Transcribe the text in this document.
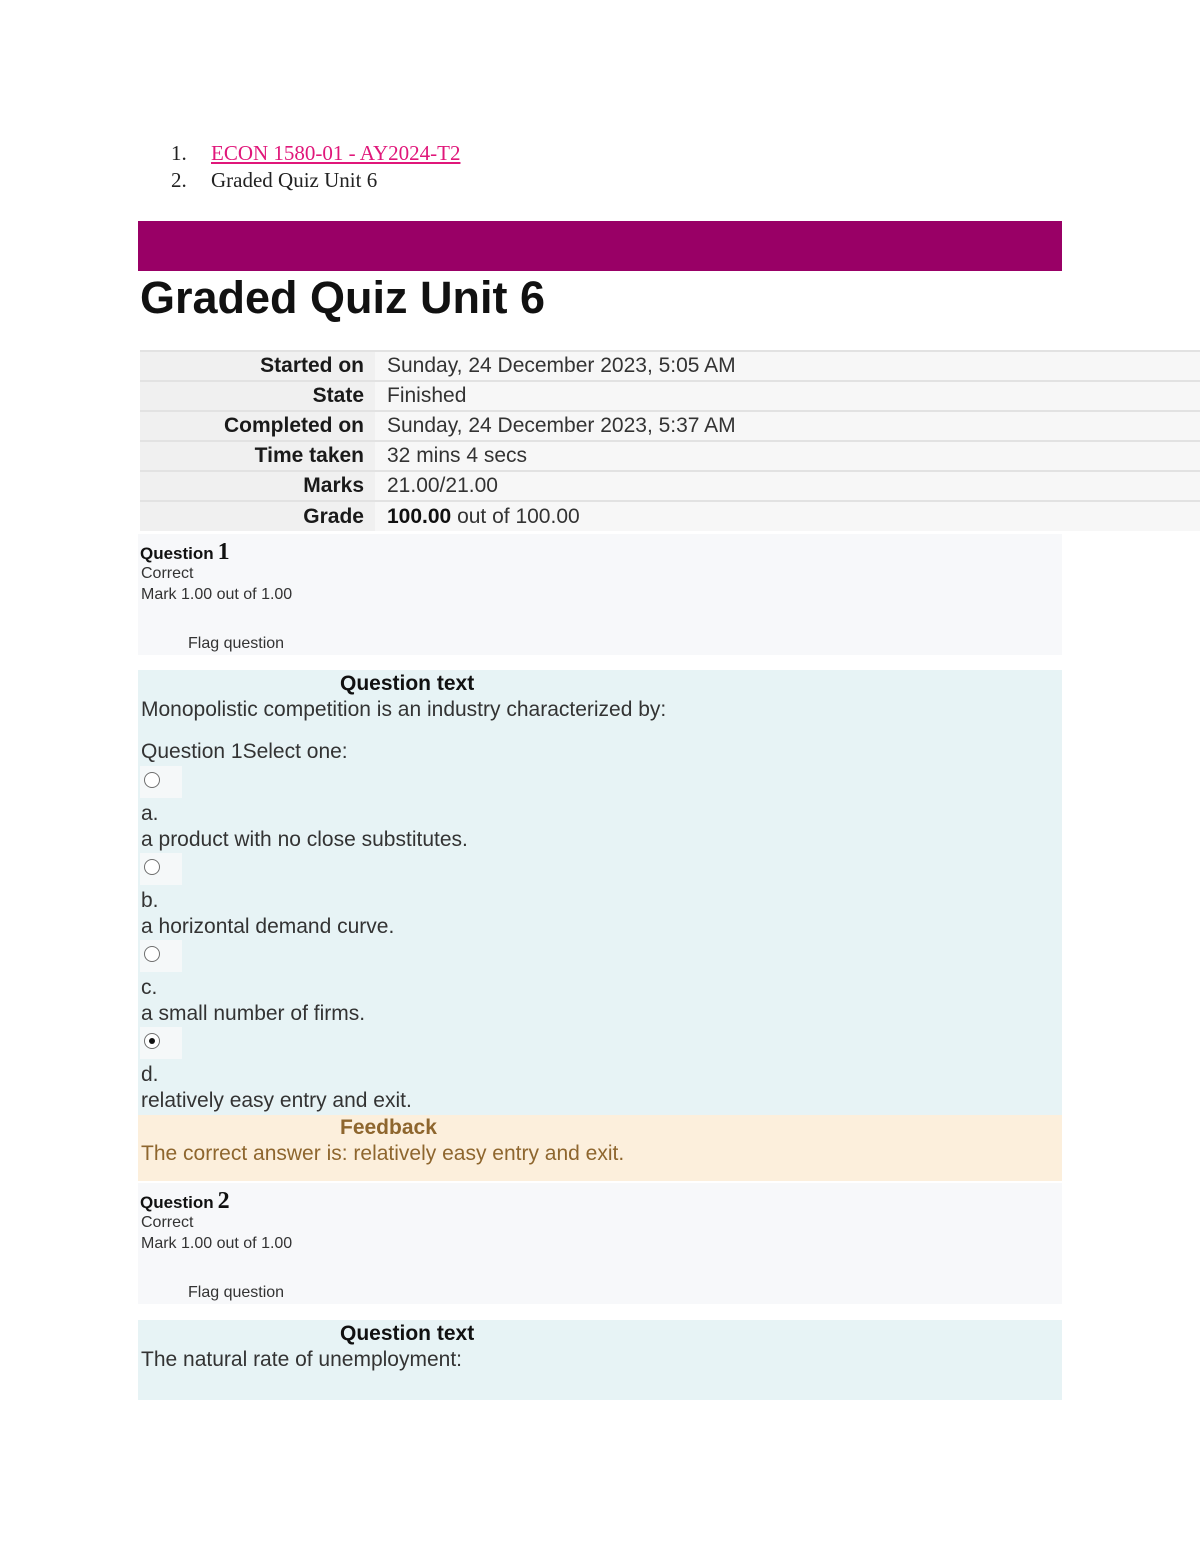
1.	ECON 1580-01 - AY2024-T2
2.	Graded Quiz Unit 6
Graded Quiz Unit 6
Started on	Sunday, 24 December 2023, 5:05 AM
State	Finished
Completed on	Sunday, 24 December 2023, 5:37 AM
Time taken	32 mins 4 secs
Marks	21.00/21.00
Grade	100.00 out of 100.00
Question 1
Correct
Mark 1.00 out of 1.00
Flag question
Question text
Monopolistic competition is an industry characterized by:
Question 1Select one:
a.
a product with no close substitutes.
b.
a horizontal demand curve.
c.
a small number of firms.
d.
relatively easy entry and exit.
Feedback
The correct answer is: relatively easy entry and exit.
Question 2
Correct
Mark 1.00 out of 1.00
Flag question
Question text
The natural rate of unemployment:
